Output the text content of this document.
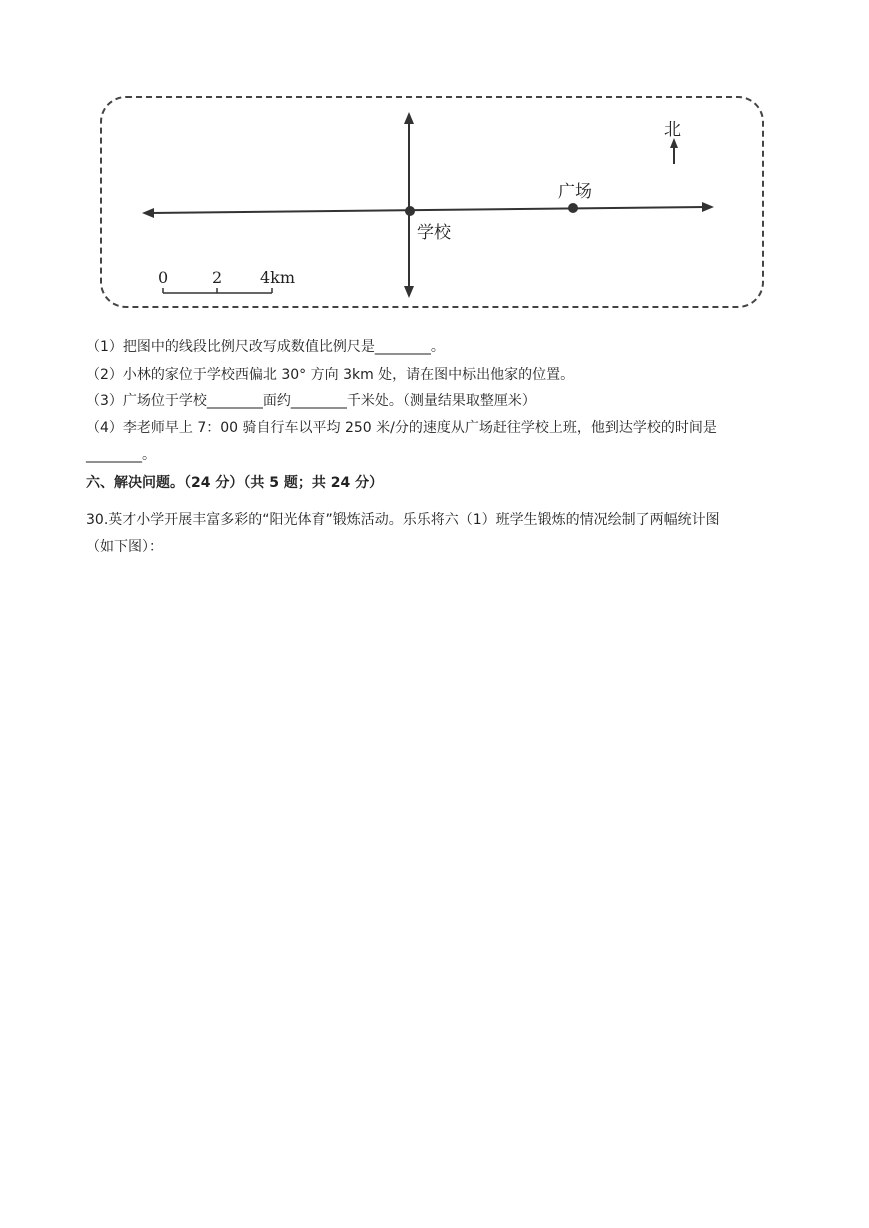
北
广场
学校
0	2 4km
（1）把图中的线段比例尺改写成数值比例尺是________。
（2）小林的家位于学校西偏北 30° 方向 3km 处，请在图中标出他家的位置。
（3）广场位于学校________面约________千米处。（测量结果取整厘米）
（4）李老师早上 7：00 骑自行车以平均 250 米/分的速度从广场赶往学校上班，他到达学校的时间是
________。
六、解决问题。（24 分）（共 5 题；共 24 分）
30.英才小学开展丰富多彩的“阳光体育”锻炼活动。乐乐将六（1）班学生锻炼的情况绘制了两幅统计图
（如下图）：
